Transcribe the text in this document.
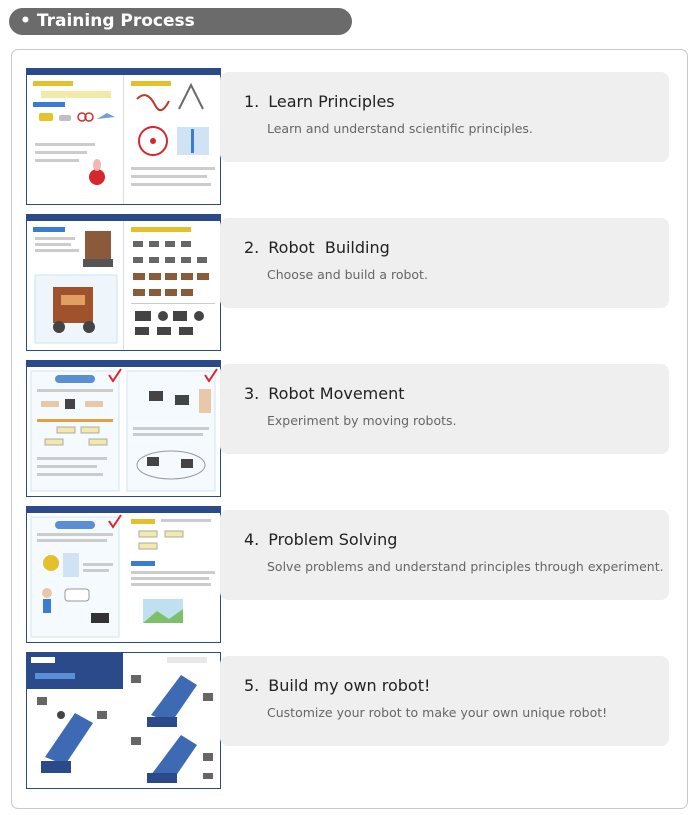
• Training Process
1. Learn Principles
Learn and understand scientific principles.
2. Robot  Building
Choose and build a robot.
3. Robot Movement
Experiment by moving robots.
4. Problem Solving
Solve problems and understand principles through experiment.
5. Build my own robot!
Customize your robot to make your own unique robot!
